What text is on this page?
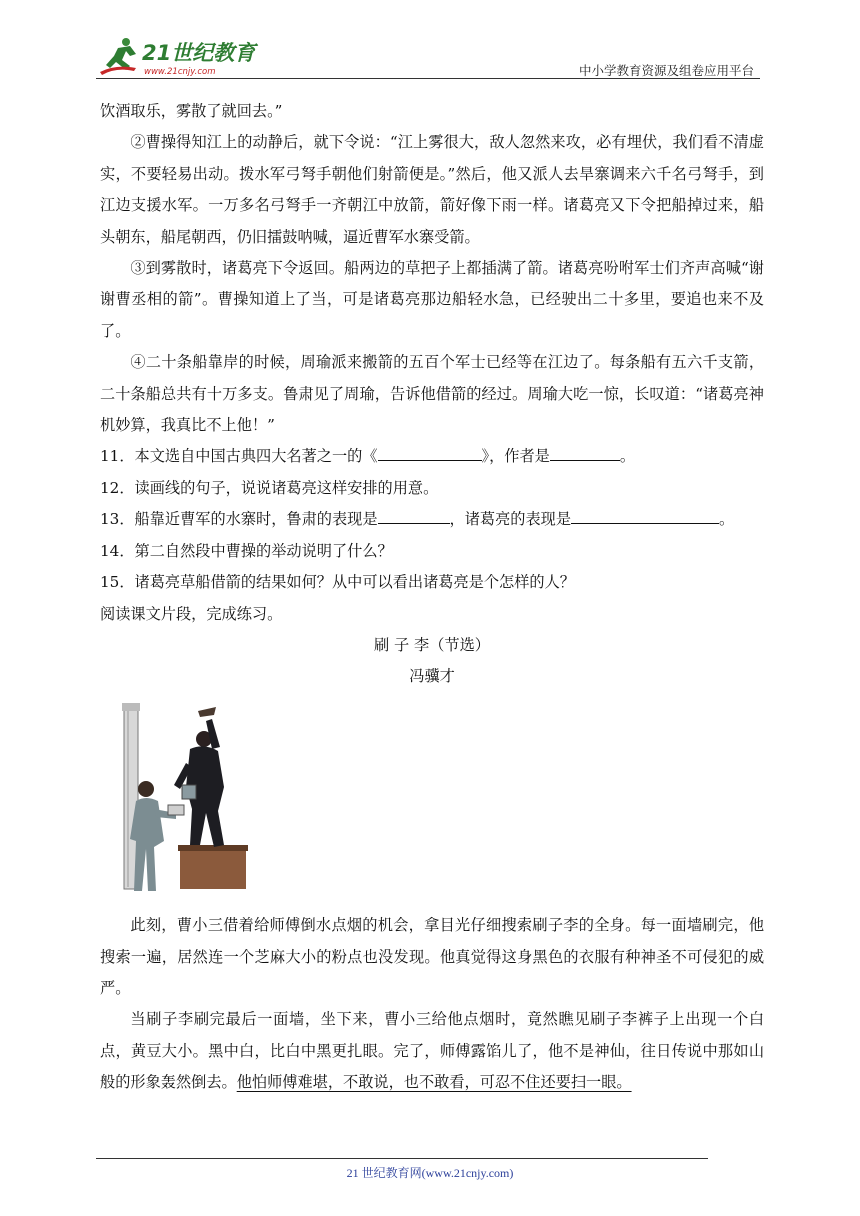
21世纪教育
www.21cnjy.com	中小学教育资源及组卷应用平台

饮酒取乐，雾散了就回去。”

②曹操得知江上的动静后，就下令说：“江上雾很大，敌人忽然来攻，必有埋伏，我们看不清虚实，不要轻易出动。拨水军弓弩手朝他们射箭便是。”然后，他又派人去旱寨调来六千名弓弩手，到江边支援水军。一万多名弓弩手一齐朝江中放箭，箭好像下雨一样。诸葛亮又下令把船掉过来，船头朝东，船尾朝西，仍旧擂鼓呐喊，逼近曹军水寨受箭。

③到雾散时，诸葛亮下令返回。船两边的草把子上都插满了箭。诸葛亮吩咐军士们齐声高喊“谢谢曹丞相的箭”。曹操知道上了当，可是诸葛亮那边船轻水急，已经驶出二十多里，要追也来不及了。

④二十条船靠岸的时候，周瑜派来搬箭的五百个军士已经等在江边了。每条船有五六千支箭，二十条船总共有十万多支。鲁肃见了周瑜，告诉他借箭的经过。周瑜大吃一惊，长叹道：“诸葛亮神机妙算，我真比不上他！”

11．本文选自中国古典四大名著之一的《	》，作者是	。

12．读画线的句子，说说诸葛亮这样安排的用意。

13．船靠近曹军的水寨时，鲁肃的表现是	，诸葛亮的表现是	。

14．第二自然段中曹操的举动说明了什么？

15．诸葛亮草船借箭的结果如何？从中可以看出诸葛亮是个怎样的人？

阅读课文片段，完成练习。

刷 子 李（节选）

冯骥才

此刻，曹小三借着给师傅倒水点烟的机会，拿目光仔细搜索刷子李的全身。每一面墙刷完，他搜索一遍，居然连一个芝麻大小的粉点也没发现。他真觉得这身黑色的衣服有种神圣不可侵犯的威严。

当刷子李刷完最后一面墙，坐下来，曹小三给他点烟时，竟然瞧见刷子李裤子上出现一个白点，黄豆大小。黑中白，比白中黑更扎眼。完了，师傅露馅儿了，他不是神仙，往日传说中那如山般的形象轰然倒去。他怕师傅难堪，不敢说，也不敢看，可忍不住还要扫一眼。

21 世纪教育网(www.21cnjy.com)
